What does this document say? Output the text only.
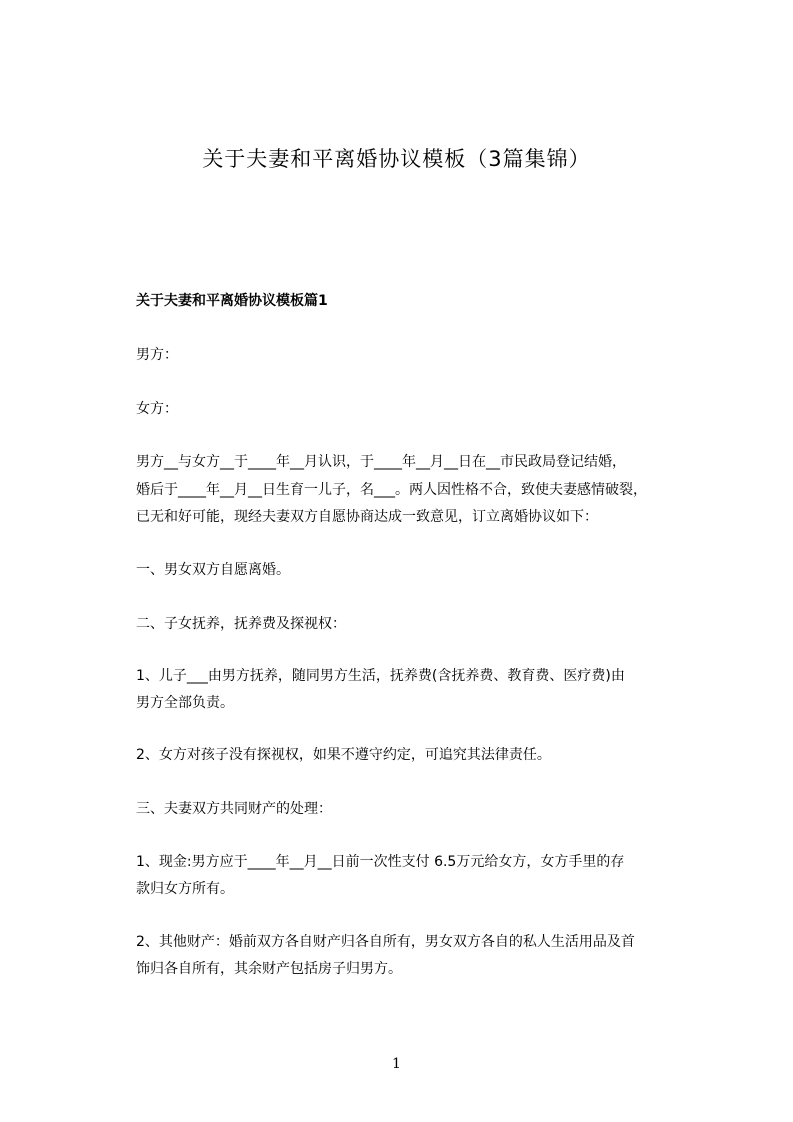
关于夫妻和平离婚协议模板（3篇集锦）
关于夫妻和平离婚协议模板篇1
男方：
女方：
男方__与女方__于____年__月认识，于____年__月__日在__市民政局登记结婚，
婚后于____年__月__日生育一儿子，名___。两人因性格不合，致使夫妻感情破裂，
已无和好可能，现经夫妻双方自愿协商达成一致意见，订立离婚协议如下：
一、男女双方自愿离婚。
二、子女抚养，抚养费及探视权：
1、儿子___由男方抚养，随同男方生活，抚养费(含抚养费、教育费、医疗费)由
男方全部负责。
2、女方对孩子没有探视权，如果不遵守约定，可追究其法律责任。
三、夫妻双方共同财产的处理：
1、现金:男方应于____年__月__日前一次性支付 6.5万元给女方，女方手里的存
款归女方所有。
2、其他财产：婚前双方各自财产归各自所有，男女双方各自的私人生活用品及首
饰归各自所有，其余财产包括房子归男方。
1
